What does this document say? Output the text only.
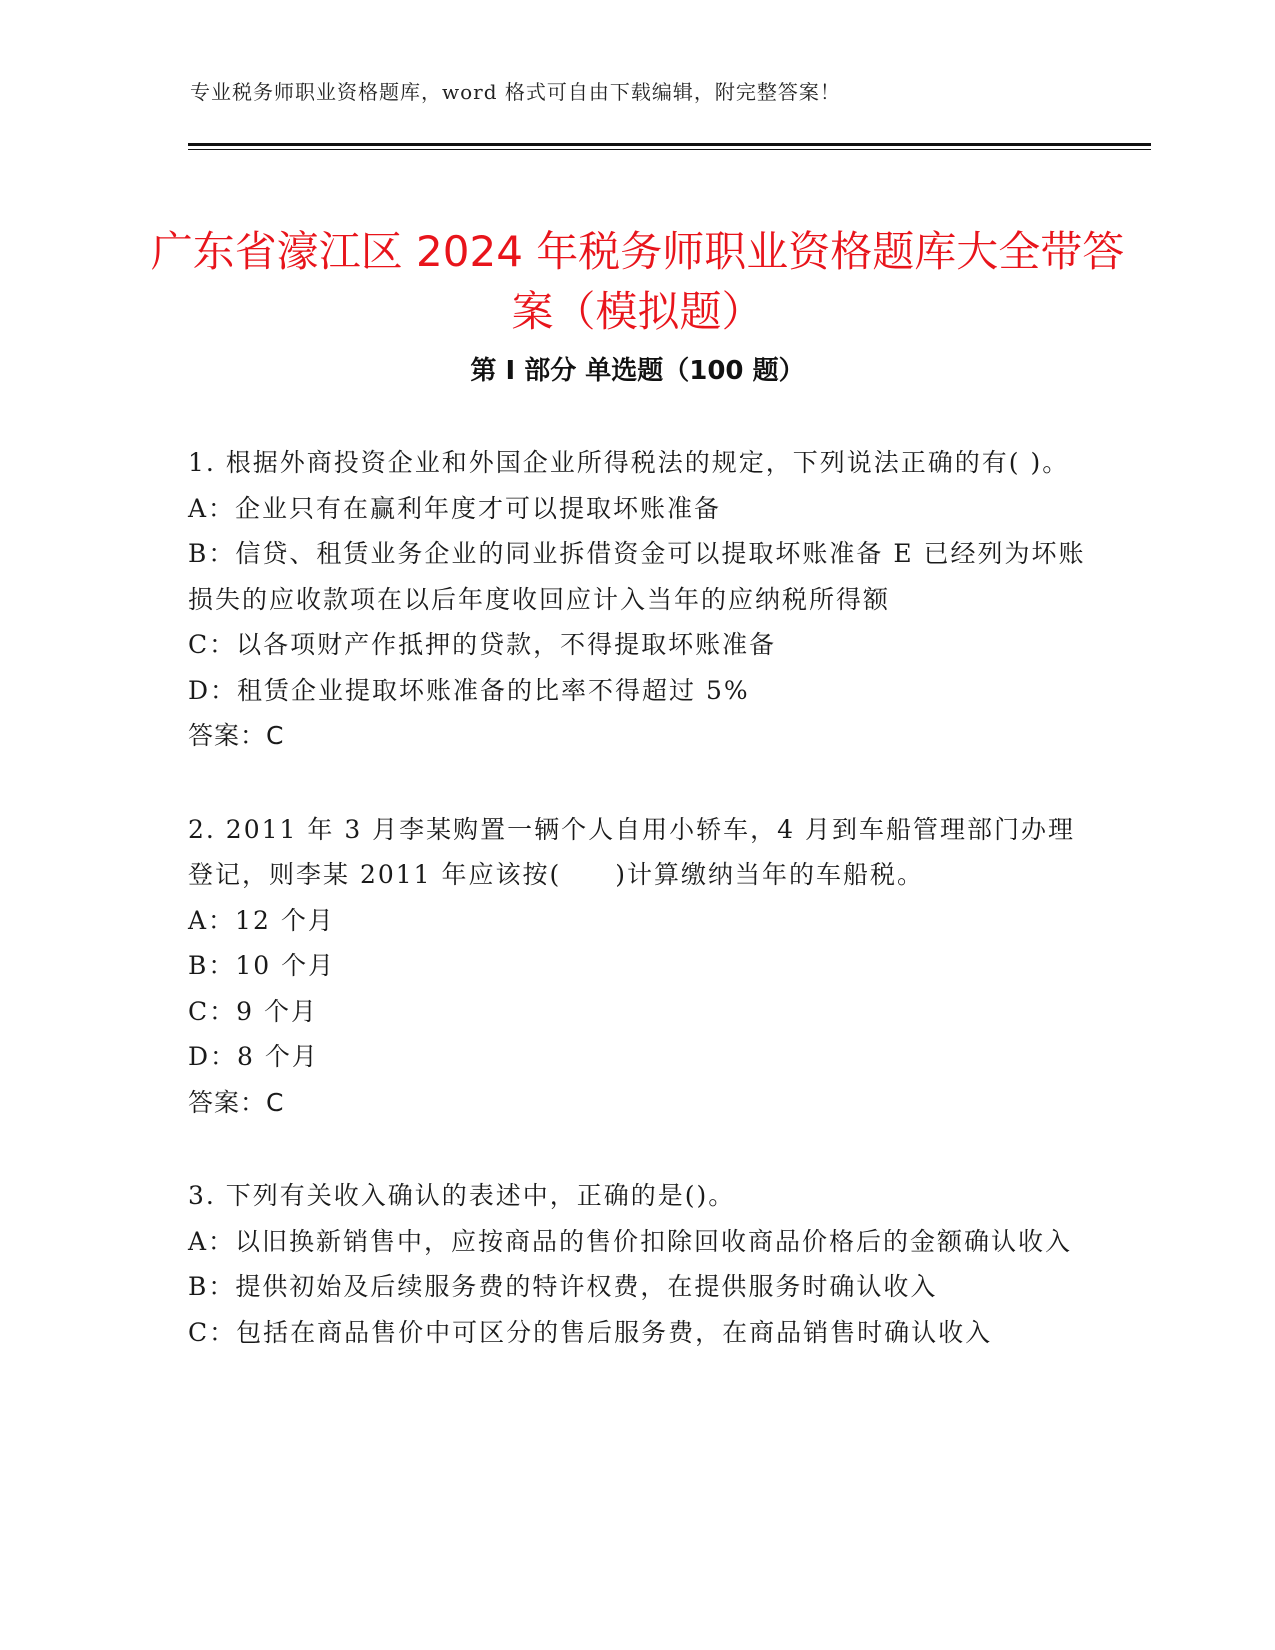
专业税务师职业资格题库，word 格式可自由下载编辑，附完整答案！
广东省濠江区 2024 年税务师职业资格题库大全带答案（模拟题）
第 I 部分 单选题（100 题）

1. 根据外商投资企业和外国企业所得税法的规定，下列说法正确的有( )。

A：企业只有在赢利年度才可以提取坏账准备

B：信贷、租赁业务企业的同业拆借资金可以提取坏账准备 E 已经列为坏账损失的应收款项在以后年度收回应计入当年的应纳税所得额

C：以各项财产作抵押的贷款，不得提取坏账准备

D：租赁企业提取坏账准备的比率不得超过 5%

答案：C

2. 2011 年 3 月李某购置一辆个人自用小轿车，4 月到车船管理部门办理登记，则李某 2011 年应该按(　　)计算缴纳当年的车船税。

A：12 个月

B：10 个月

C：9 个月

D：8 个月

答案：C

3. 下列有关收入确认的表述中，正确的是()。

A：以旧换新销售中，应按商品的售价扣除回收商品价格后的金额确认收入

B：提供初始及后续服务费的特许权费，在提供服务时确认收入

C：包括在商品售价中可区分的售后服务费，在商品销售时确认收入
